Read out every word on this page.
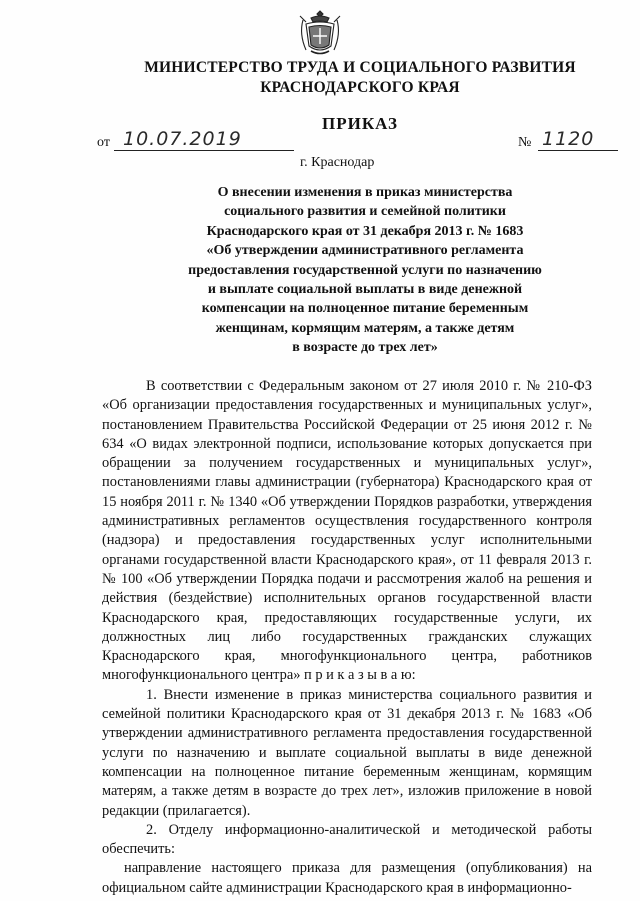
МИНИСТЕРСТВО ТРУДА И СОЦИАЛЬНОГО РАЗВИТИЯ
КРАСНОДАРСКОГО КРАЯ
ПРИКАЗ
от 10.07.2019	№ 1120
г. Краснодар
О внесении изменения в приказ министерства
социального развития и семейной политики
Краснодарского края от 31 декабря 2013 г. № 1683
«Об утверждении административного регламента
предоставления государственной услуги по назначению
и выплате социальной выплаты в виде денежной
компенсации на полноценное питание беременным
женщинам, кормящим матерям, а также детям
в возрасте до трех лет»

В соответствии с Федеральным законом от 27 июля 2010 г. № 210-ФЗ «Об организации предоставления государственных и муниципальных услуг», постановлением Правительства Российской Федерации от 25 июня 2012 г. № 634 «О видах электронной подписи, использование которых допускается при обращении за получением государственных и муниципальных услуг», постановлениями главы администрации (губернатора) Краснодарского края от 15 ноября 2011 г. № 1340 «Об утверждении Порядков разработки, утверждения административных регламентов осуществления государственного контроля (надзора) и предоставления государственных услуг исполнительными органами государственной власти Краснодарского края», от 11 февраля 2013 г. № 100 «Об утверждении Порядка подачи и рассмотрения жалоб на решения и действия (бездействие) исполнительных органов государственной власти Краснодарского края, предоставляющих государственные услуги, их должностных лиц либо государственных гражданских служащих Краснодарского края, многофункционального центра, работников многофункционального центра» п р и к а з ы в а ю:

1. Внести изменение в приказ министерства социального развития и семейной политики Краснодарского края от 31 декабря 2013 г. № 1683 «Об утверждении административного регламента предоставления государственной услуги по назначению и выплате социальной выплаты в виде денежной компенсации на полноценное питание беременным женщинам, кормящим матерям, а также детям в возрасте до трех лет», изложив приложение в новой редакции (прилагается).

2. Отделу информационно-аналитической и методической работы обеспечить:

направление настоящего приказа для размещения (опубликования) на официальном сайте администрации Краснодарского края в информационно-
